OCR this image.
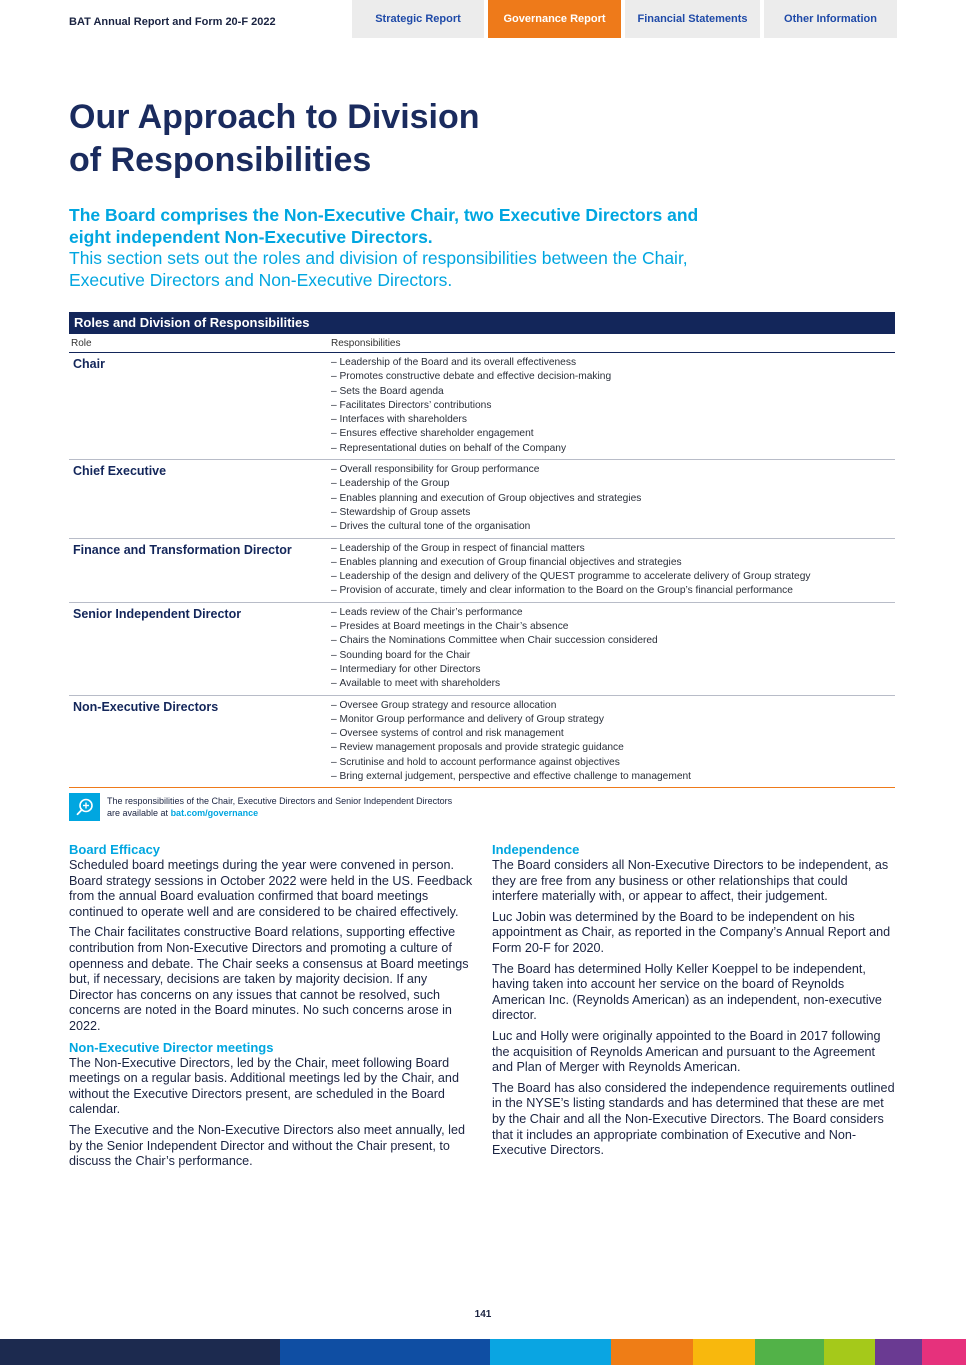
BAT Annual Report and Form 20-F 2022	Strategic Report	Governance Report	Financial Statements	Other Information
Our Approach to Division
of Responsibilities
The Board comprises the Non-Executive Chair, two Executive Directors and eight independent Non-Executive Directors.
This section sets out the roles and division of responsibilities between the Chair, Executive Directors and Non-Executive Directors.
Roles and Division of Responsibilities
Role	Responsibilities
Chair	– Leadership of the Board and its overall effectiveness
– Promotes constructive debate and effective decision-making
– Sets the Board agenda
– Facilitates Directors’ contributions
– Interfaces with shareholders
– Ensures effective shareholder engagement
– Representational duties on behalf of the Company
Chief Executive	– Overall responsibility for Group performance
– Leadership of the Group
– Enables planning and execution of Group objectives and strategies
– Stewardship of Group assets
– Drives the cultural tone of the organisation
Finance and Transformation Director	– Leadership of the Group in respect of financial matters
– Enables planning and execution of Group financial objectives and strategies
– Leadership of the design and delivery of the QUEST programme to accelerate delivery of Group strategy
– Provision of accurate, timely and clear information to the Board on the Group’s financial performance
Senior Independent Director	– Leads review of the Chair’s performance
– Presides at Board meetings in the Chair’s absence
– Chairs the Nominations Committee when Chair succession considered
– Sounding board for the Chair
– Intermediary for other Directors
– Available to meet with shareholders
Non-Executive Directors	– Oversee Group strategy and resource allocation
– Monitor Group performance and delivery of Group strategy
– Oversee systems of control and risk management
– Review management proposals and provide strategic guidance
– Scrutinise and hold to account performance against objectives
– Bring external judgement, perspective and effective challenge to management
The responsibilities of the Chair, Executive Directors and Senior Independent Directors
are available at bat.com/governance
Board Efficacy

Scheduled board meetings during the year were convened in person. Board strategy sessions in October 2022 were held in the US. Feedback from the annual Board evaluation confirmed that board meetings continued to operate well and are considered to be chaired effectively.

The Chair facilitates constructive Board relations, supporting effective contribution from Non-Executive Directors and promoting a culture of openness and debate. The Chair seeks a consensus at Board meetings but, if necessary, decisions are taken by majority decision. If any Director has concerns on any issues that cannot be resolved, such concerns are noted in the Board minutes. No such concerns arose in 2022.

Non-Executive Director meetings

The Non-Executive Directors, led by the Chair, meet following Board meetings on a regular basis. Additional meetings led by the Chair, and without the Executive Directors present, are scheduled in the Board calendar.

The Executive and the Non-Executive Directors also meet annually, led by the Senior Independent Director and without the Chair present, to discuss the Chair’s performance.

Independence

The Board considers all Non-Executive Directors to be independent, as they are free from any business or other relationships that could interfere materially with, or appear to affect, their judgement.

Luc Jobin was determined by the Board to be independent on his appointment as Chair, as reported in the Company’s Annual Report and Form 20-F for 2020.

The Board has determined Holly Keller Koeppel to be independent, having taken into account her service on the board of Reynolds American Inc. (Reynolds American) as an independent, non-executive director.

Luc and Holly were originally appointed to the Board in 2017 following the acquisition of Reynolds American and pursuant to the Agreement and Plan of Merger with Reynolds American.

The Board has also considered the independence requirements outlined in the NYSE’s listing standards and has determined that these are met by the Chair and all the Non-Executive Directors. The Board considers that it includes an appropriate combination of Executive and Non-Executive Directors.

141
